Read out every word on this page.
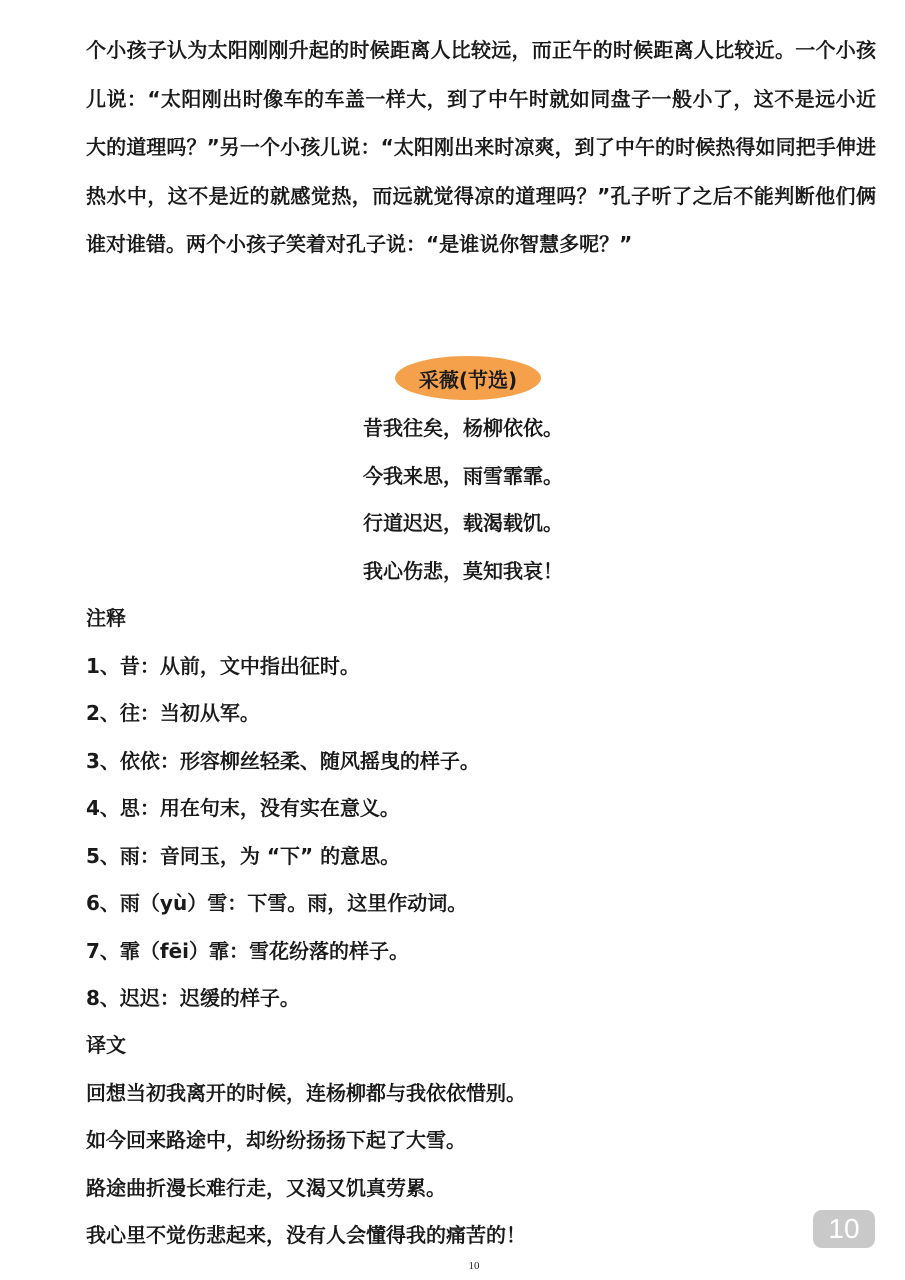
个小孩子认为太阳刚刚升起的时候距离人比较远，而正午的时候距离人比较近。一个小孩儿说：“太阳刚出时像车的车盖一样大，到了中午时就如同盘子一般小了，这不是远小近大的道理吗？”另一个小孩儿说：“太阳刚出来时凉爽，到了中午的时候热得如同把手伸进热水中，这不是近的就感觉热，而远就觉得凉的道理吗？”孔子听了之后不能判断他们俩谁对谁错。两个小孩子笑着对孔子说：“是谁说你智慧多呢？”

采薇(节选)

昔我往矣，杨柳依依。

今我来思，雨雪霏霏。

行道迟迟，载渴载饥。

我心伤悲，莫知我哀！

注释

1、昔：从前，文中指出征时。

2、往：当初从军。

3、依依：形容柳丝轻柔、随风摇曳的样子。

4、思：用在句末，没有实在意义。

5、雨：音同玉，为 “下” 的意思。

6、雨（yù）雪：下雪。雨，这里作动词。

7、霏（fēi）霏：雪花纷落的样子。

8、迟迟：迟缓的样子。

译文

回想当初我离开的时候，连杨柳都与我依依惜别。

如今回来路途中，却纷纷扬扬下起了大雪。

路途曲折漫长难行走，又渴又饥真劳累。

我心里不觉伤悲起来，没有人会懂得我的痛苦的！	10
10
